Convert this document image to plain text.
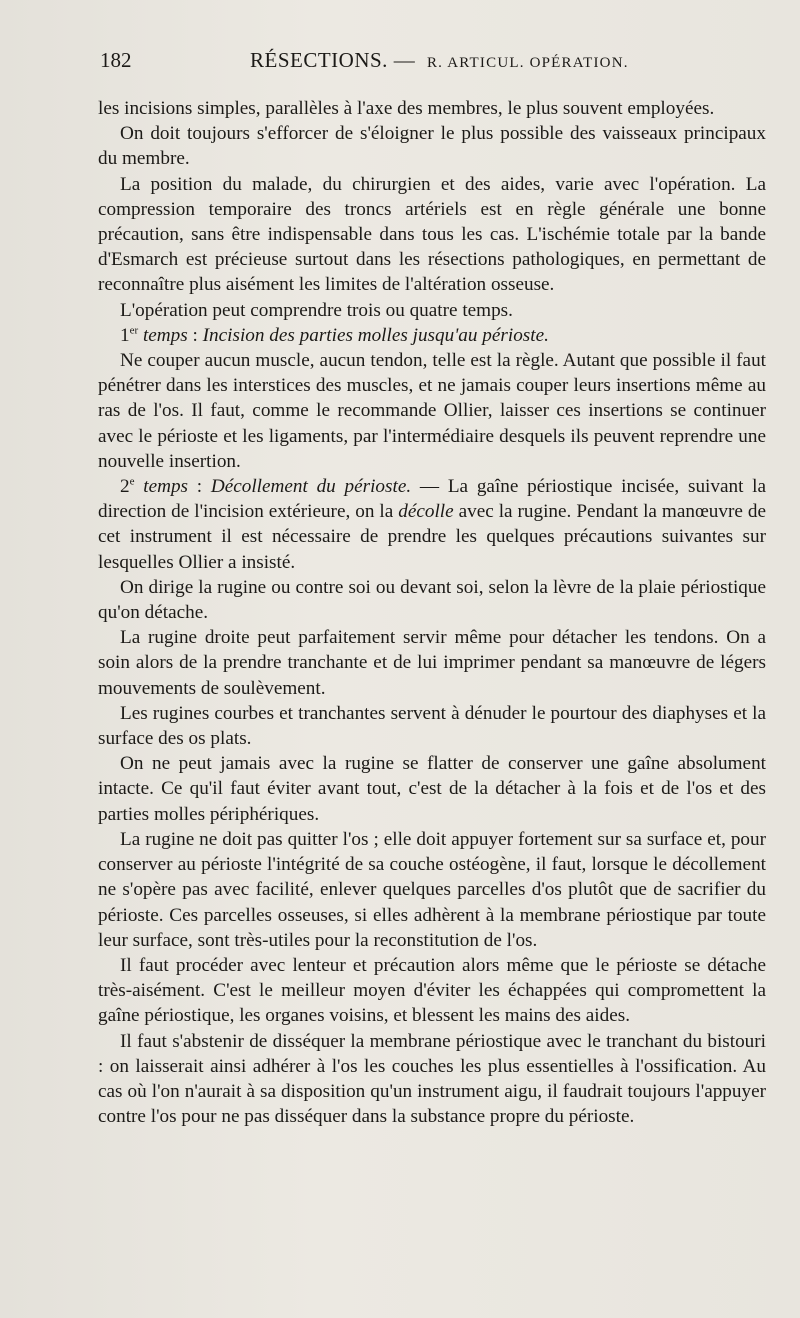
182	RÉSECTIONS. — R. ARTICUL. OPÉRATION.

les incisions simples, parallèles à l'axe des membres, le plus souvent employées.

On doit toujours s'efforcer de s'éloigner le plus possible des vaisseaux principaux du membre.

La position du malade, du chirurgien et des aides, varie avec l'opération. La compression temporaire des troncs artériels est en règle générale une bonne précaution, sans être indispensable dans tous les cas. L'ischémie totale par la bande d'Esmarch est précieuse surtout dans les résections pathologiques, en permettant de reconnaître plus aisément les limites de l'altération osseuse.

L'opération peut comprendre trois ou quatre temps.

1er temps : Incision des parties molles jusqu'au périoste.

Ne couper aucun muscle, aucun tendon, telle est la règle. Autant que possible il faut pénétrer dans les interstices des muscles, et ne jamais couper leurs insertions même au ras de l'os. Il faut, comme le recommande Ollier, laisser ces insertions se continuer avec le périoste et les ligaments, par l'intermédiaire desquels ils peuvent reprendre une nouvelle insertion.

2e temps : Décollement du périoste. — La gaîne périostique incisée, suivant la direction de l'incision extérieure, on la décolle avec la rugine. Pendant la manœuvre de cet instrument il est nécessaire de prendre les quelques précautions suivantes sur lesquelles Ollier a insisté.

On dirige la rugine ou contre soi ou devant soi, selon la lèvre de la plaie périostique qu'on détache.

La rugine droite peut parfaitement servir même pour détacher les tendons. On a soin alors de la prendre tranchante et de lui imprimer pendant sa manœuvre de légers mouvements de soulèvement.

Les rugines courbes et tranchantes servent à dénuder le pourtour des diaphyses et la surface des os plats.

On ne peut jamais avec la rugine se flatter de conserver une gaîne absolument intacte. Ce qu'il faut éviter avant tout, c'est de la détacher à la fois et de l'os et des parties molles périphériques.

La rugine ne doit pas quitter l'os ; elle doit appuyer fortement sur sa surface et, pour conserver au périoste l'intégrité de sa couche ostéogène, il faut, lorsque le décollement ne s'opère pas avec facilité, enlever quelques parcelles d'os plutôt que de sacrifier du périoste. Ces parcelles osseuses, si elles adhèrent à la membrane périostique par toute leur surface, sont très-utiles pour la reconstitution de l'os.

Il faut procéder avec lenteur et précaution alors même que le périoste se détache très-aisément. C'est le meilleur moyen d'éviter les échappées qui compromettent la gaîne périostique, les organes voisins, et blessent les mains des aides.

Il faut s'abstenir de disséquer la membrane périostique avec le tranchant du bistouri : on laisserait ainsi adhérer à l'os les couches les plus essentielles à l'ossification. Au cas où l'on n'aurait à sa disposition qu'un instrument aigu, il faudrait toujours l'appuyer contre l'os pour ne pas disséquer dans la substance propre du périoste.
